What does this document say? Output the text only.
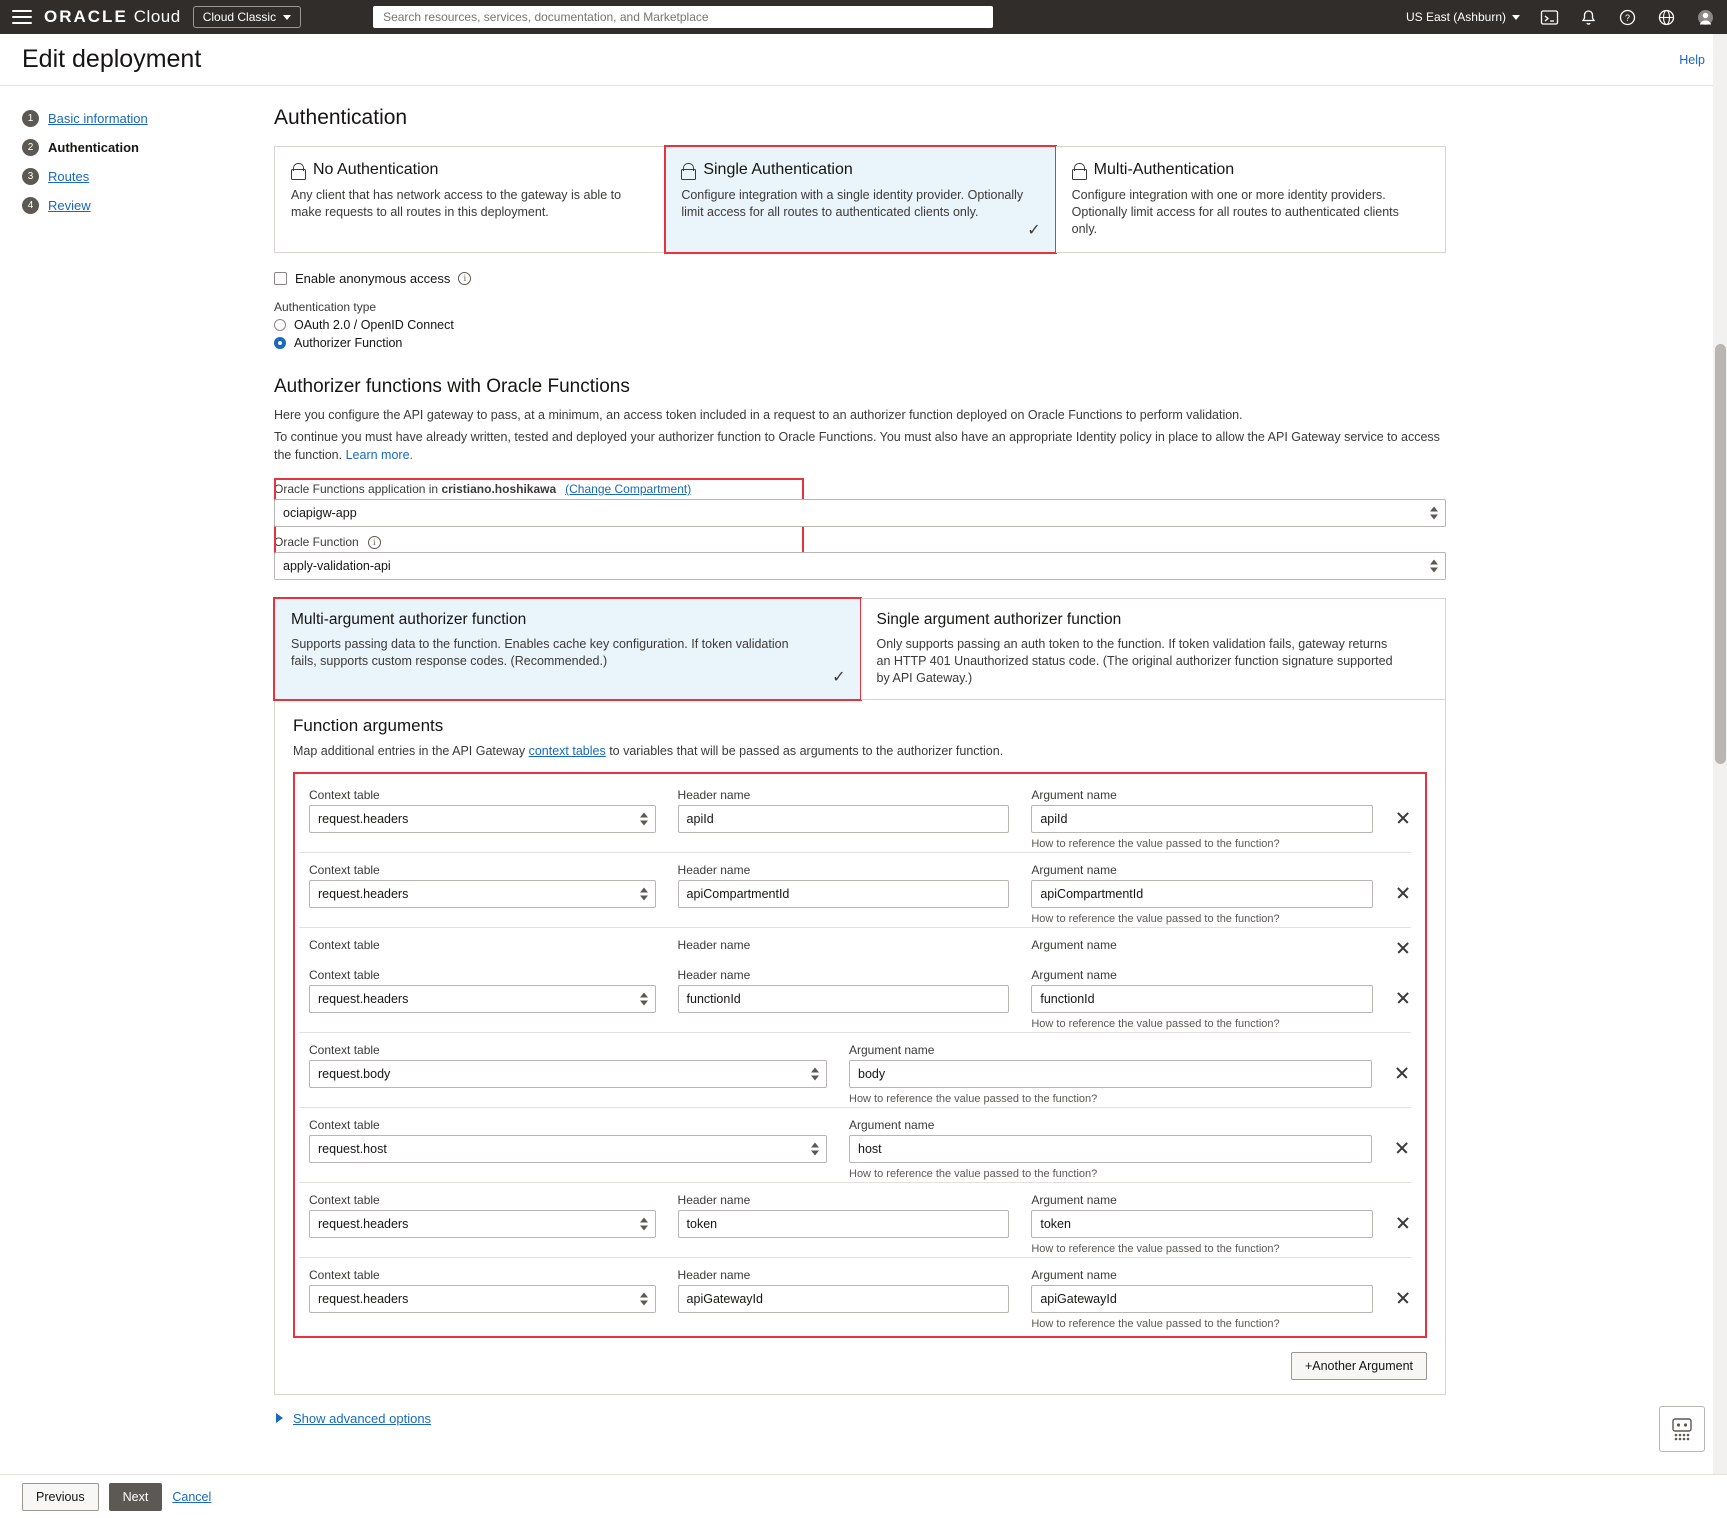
ORACLE Cloud Cloud Classic
Search resources, services, documentation, and Marketplace	US East (Ashburn)	?
Edit deployment	Help
1	Basic information
2	Authentication
3	Routes
4	Review
Authentication
No Authentication
Any client that has network access to the gateway is able to make requests to all routes in this deployment.
Single Authentication
Configure integration with a single identity provider. Optionally limit access for all routes to authenticated clients only.
✓
Multi-Authentication
Configure integration with one or more identity providers. Optionally limit access for all routes to authenticated clients only.
Enable anonymous access	i
Authentication type
OAuth 2.0 / OpenID Connect
Authorizer Function
Authorizer functions with Oracle Functions

Here you configure the API gateway to pass, at a minimum, an access token included in a request to an authorizer function deployed on Oracle Functions to perform validation.

To continue you must have already written, tested and deployed your authorizer function to Oracle Functions. You must also have an appropriate Identity policy in place to allow the API Gateway service to access the function. Learn more.

Oracle Functions application in cristiano.hoshikawa (Change Compartment)
ociapigw-app
Oracle Function	i
apply-validation-api
Multi-argument authorizer function
Supports passing data to the function. Enables cache key configuration. If token validation fails, supports custom response codes. (Recommended.)
✓
Single argument authorizer function
Only supports passing an auth token to the function. If token validation fails, gateway returns an HTTP 401 Unauthorized status code. (The original authorizer function signature supported by API Gateway.)
Function arguments

Map additional entries in the API Gateway context tables to variables that will be passed as arguments to the authorizer function.

Context table
request.headers
Header name
apiId
Argument name
apiId
How to reference the value passed to the function?
Context table
request.headers
Header name
apiCompartmentId
Argument name
apiCompartmentId
How to reference the value passed to the function?
Context table	Header name	Argument name
Context table
request.headers
Header name
functionId
Argument name
functionId
How to reference the value passed to the function?
Context table
request.body
Argument name
body
How to reference the value passed to the function?
Context table
request.host
Argument name
host
How to reference the value passed to the function?
Context table
request.headers
Header name
token
Argument name
token
How to reference the value passed to the function?
Context table
request.headers
Header name
apiGatewayId
Argument name
apiGatewayId
How to reference the value passed to the function?
+Another Argument
Show advanced options
Previous	Next	Cancel
